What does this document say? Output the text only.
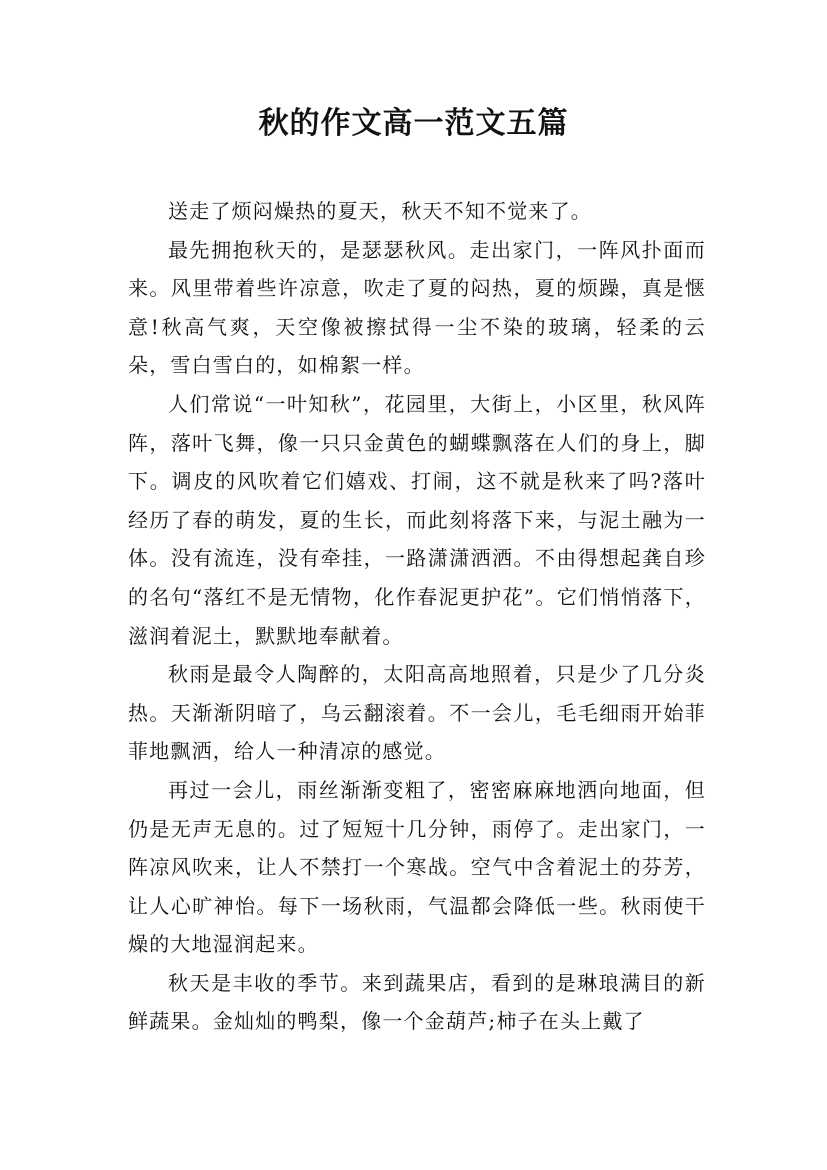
秋的作文高一范文五篇

送走了烦闷燥热的夏天，秋天不知不觉来了。

最先拥抱秋天的，是瑟瑟秋风。走出家门，一阵风扑面而来。风里带着些许凉意，吹走了夏的闷热，夏的烦躁，真是惬意!秋高气爽，天空像被擦拭得一尘不染的玻璃，轻柔的云朵，雪白雪白的，如棉絮一样。

人们常说“一叶知秋”，花园里，大街上，小区里，秋风阵阵，落叶飞舞，像一只只金黄色的蝴蝶飘落在人们的身上，脚下。调皮的风吹着它们嬉戏、打闹，这不就是秋来了吗?落叶经历了春的萌发，夏的生长，而此刻将落下来，与泥土融为一体。没有流连，没有牵挂，一路潇潇洒洒。不由得想起龚自珍的名句“落红不是无情物，化作春泥更护花”。它们悄悄落下，滋润着泥土，默默地奉献着。

秋雨是最令人陶醉的，太阳高高地照着，只是少了几分炎热。天渐渐阴暗了，乌云翻滚着。不一会儿，毛毛细雨开始菲菲地飘洒，给人一种清凉的感觉。

再过一会儿，雨丝渐渐变粗了，密密麻麻地洒向地面，但仍是无声无息的。过了短短十几分钟，雨停了。走出家门，一阵凉风吹来，让人不禁打一个寒战。空气中含着泥土的芬芳，让人心旷神怡。每下一场秋雨，气温都会降低一些。秋雨使干燥的大地湿润起来。

秋天是丰收的季节。来到蔬果店，看到的是琳琅满目的新鲜蔬果。金灿灿的鸭梨，像一个金葫芦;柿子在头上戴了
